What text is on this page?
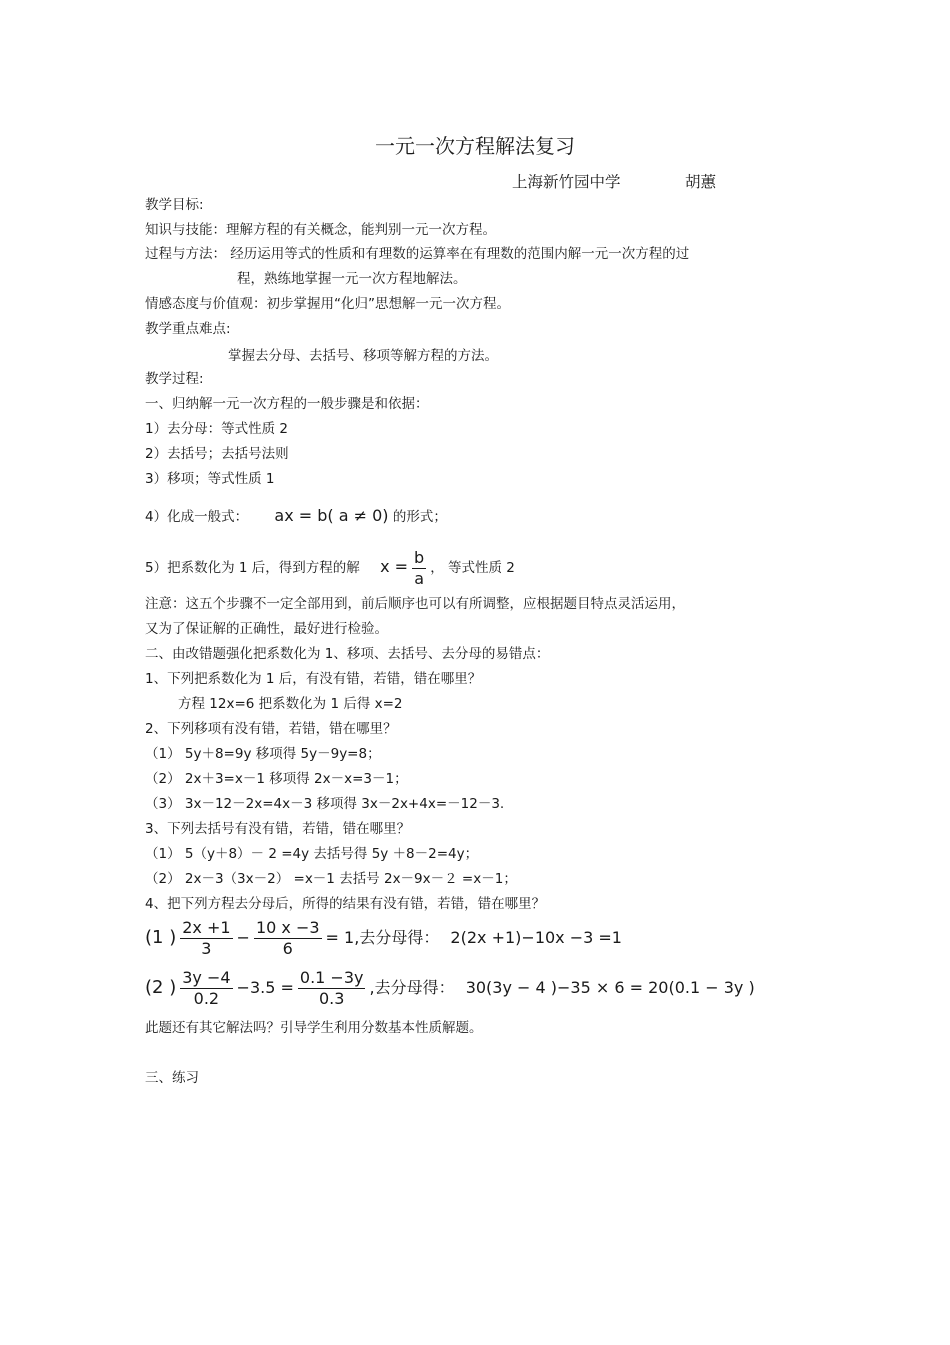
一元一次方程解法复习
上海新竹园中学	胡蕙
教学目标:
知识与技能：理解方程的有关概念，能判别一元一次方程。
过程与方法： 经历运用等式的性质和有理数的运算率在有理数的范围内解一元一次方程的过
程，熟练地掌握一元一次方程地解法。
情感态度与价值观：初步掌握用“化归”思想解一元一次方程。
教学重点难点:
掌握去分母、去括号、移项等解方程的方法。
教学过程:
一、归纳解一元一次方程的一般步骤是和依据：
1）去分母：等式性质 2
2）去括号；去括号法则
3）移项；等式性质 1
4）化成一般式： ax = b( a ≠ 0) 的形式；
5）把系数化为 1 后，得到方程的解 $x = \frac{b}{a}$ ， 等式性质 2
注意：这五个步骤不一定全部用到，前后顺序也可以有所调整，应根据题目特点灵活运用，
又为了保证解的正确性，最好进行检验。
二、由改错题强化把系数化为 1、移项、去括号、去分母的易错点：
1、下列把系数化为 1 后，有没有错，若错，错在哪里？
方程 12x=6 把系数化为 1 后得 x=2
2、下列移项有没有错，若错，错在哪里？
（1） 5y＋8=9y 移项得 5y－9y=8；
（2） 2x＋3=x－1 移项得 2x－x=3－1；
（3） 3x－12－2x=4x－3 移项得 3x－2x+4x=－12－3.
3、下列去括号有没有错，若错，错在哪里？
（1） 5（y＋8）－ 2 =4y 去括号得 5y ＋8－2=4y；
（2） 2x－3（3x－2） =x－1 去括号 2x－9x－２ =x－1；
4、把下列方程去分母后，所得的结果有没有错，若错，错在哪里？
(1 ) $\frac{2x +1}{3} - \frac{10 x -3}{6} = 1$,去分母得： 2(2x +1)−10x −3 =1
(2 ) $\frac{3y -4}{0.2} -3.5 = \frac{0.1 -3y}{0.3}$ ,去分母得： 30(3y − 4 )−35 × 6 = 20(0.1 − 3y )
此题还有其它解法吗？引导学生利用分数基本性质解题。
三、练习
